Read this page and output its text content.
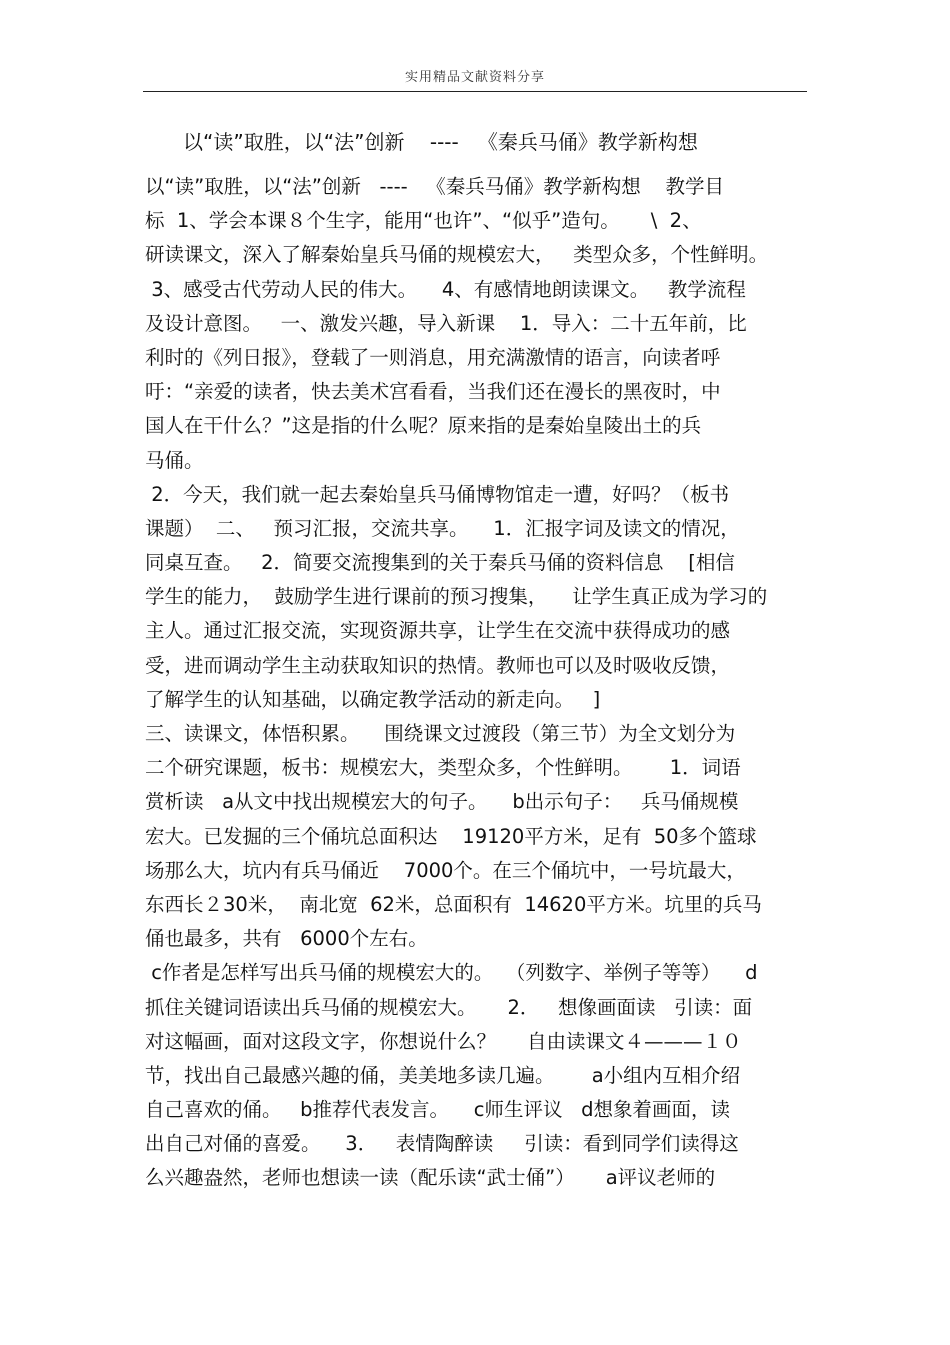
实用精品文献资料分享
以“读”取胜，以“法”创新    ----   《秦兵马俑》教学新构想
以“读”取胜，以“法”创新   ----   《秦兵马俑》教学新构想    教学目
标  1、学会本课８个生字，能用“也许”、“似乎”造句。     \  2、
研读课文，深入了解秦始皇兵马俑的规模宏大，   类型众多，个性鲜明。
3、感受古代劳动人民的伟大。    4、有感情地朗读课文。   教学流程
及设计意图。   一、激发兴趣，导入新课    1．导入：二十五年前，比
利时的《列日报》，登载了一则消息，用充满激情的语言，向读者呼
吁：“亲爱的读者，快去美术宫看看，当我们还在漫长的黑夜时，中
国人在干什么？”这是指的什么呢？原来指的是秦始皇陵出土的兵
马俑。
2．今天，我们就一起去秦始皇兵马俑博物馆走一遭，好吗？（板书
课题）  二、   预习汇报，交流共享。    1．汇报字词及读文的情况，
同桌互查。   2．简要交流搜集到的关于秦兵马俑的资料信息    [相信
学生的能力，  鼓励学生进行课前的预习搜集，    让学生真正成为学习的
主人。通过汇报交流，实现资源共享，让学生在交流中获得成功的感
受，进而调动学生主动获取知识的热情。教师也可以及时吸收反馈，
了解学生的认知基础，以确定教学活动的新走向。   ]
三、读课文，体悟积累。    围绕课文过渡段（第三节）为全文划分为
二个研究课题，板书：规模宏大，类型众多，个性鲜明。      1．词语
赏析读   a从文中找出规模宏大的句子。    b出示句子：   兵马俑规模
宏大。已发掘的三个俑坑总面积达    19120平方米，足有  50多个篮球
场那么大，坑内有兵马俑近    7000个。在三个俑坑中，一号坑最大，
东西长２30米，  南北宽  62米，总面积有  14620平方米。坑里的兵马
俑也最多，共有   6000个左右。
c作者是怎样写出兵马俑的规模宏大的。  （列数字、举例子等等）    d
抓住关键词语读出兵马俑的规模宏大。     2．   想像画面读   引读：面
对这幅画，面对这段文字，你想说什么？     自由读课文４———１０
节，找出自己最感兴趣的俑，美美地多读几遍。      a小组内互相介绍
自己喜欢的俑。   b推荐代表发言。    c师生评议   d想象着画面，读
出自己对俑的喜爱。    3．   表情陶醉读     引读：看到同学们读得这
么兴趣盎然，老师也想读一读（配乐读“武士俑”）     a评议老师的
